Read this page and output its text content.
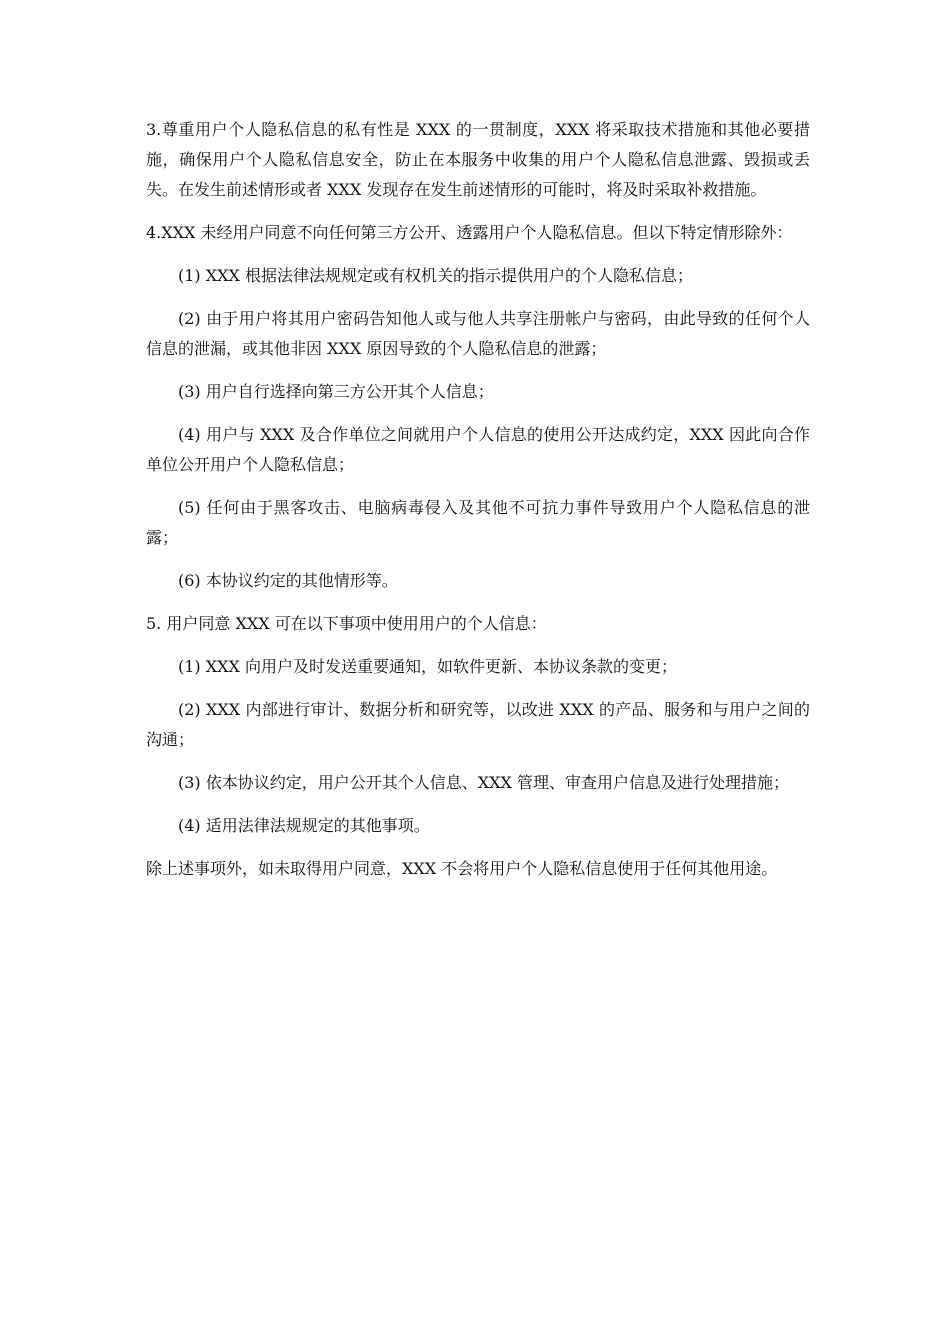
3.尊重用户个人隐私信息的私有性是 XXX 的一贯制度，XXX 将采取技术措施和其他必要措施，确保用户个人隐私信息安全，防止在本服务中收集的用户个人隐私信息泄露、毁损或丢失。在发生前述情形或者 XXX 发现存在发生前述情形的可能时，将及时采取补救措施。

4.XXX 未经用户同意不向任何第三方公开、透露用户个人隐私信息。但以下特定情形除外：

(1) XXX 根据法律法规规定或有权机关的指示提供用户的个人隐私信息；

(2) 由于用户将其用户密码告知他人或与他人共享注册帐户与密码，由此导致的任何个人信息的泄漏，或其他非因 XXX 原因导致的个人隐私信息的泄露；

(3) 用户自行选择向第三方公开其个人信息；

(4) 用户与 XXX 及合作单位之间就用户个人信息的使用公开达成约定，XXX 因此向合作单位公开用户个人隐私信息；

(5) 任何由于黑客攻击、电脑病毒侵入及其他不可抗力事件导致用户个人隐私信息的泄露；

(6) 本协议约定的其他情形等。

5. 用户同意 XXX 可在以下事项中使用用户的个人信息：

(1) XXX 向用户及时发送重要通知，如软件更新、本协议条款的变更；

(2) XXX 内部进行审计、数据分析和研究等，以改进 XXX 的产品、服务和与用户之间的沟通；

(3) 依本协议约定，用户公开其个人信息、XXX 管理、审查用户信息及进行处理措施；

(4) 适用法律法规规定的其他事项。

除上述事项外，如未取得用户同意，XXX 不会将用户个人隐私信息使用于任何其他用途。
